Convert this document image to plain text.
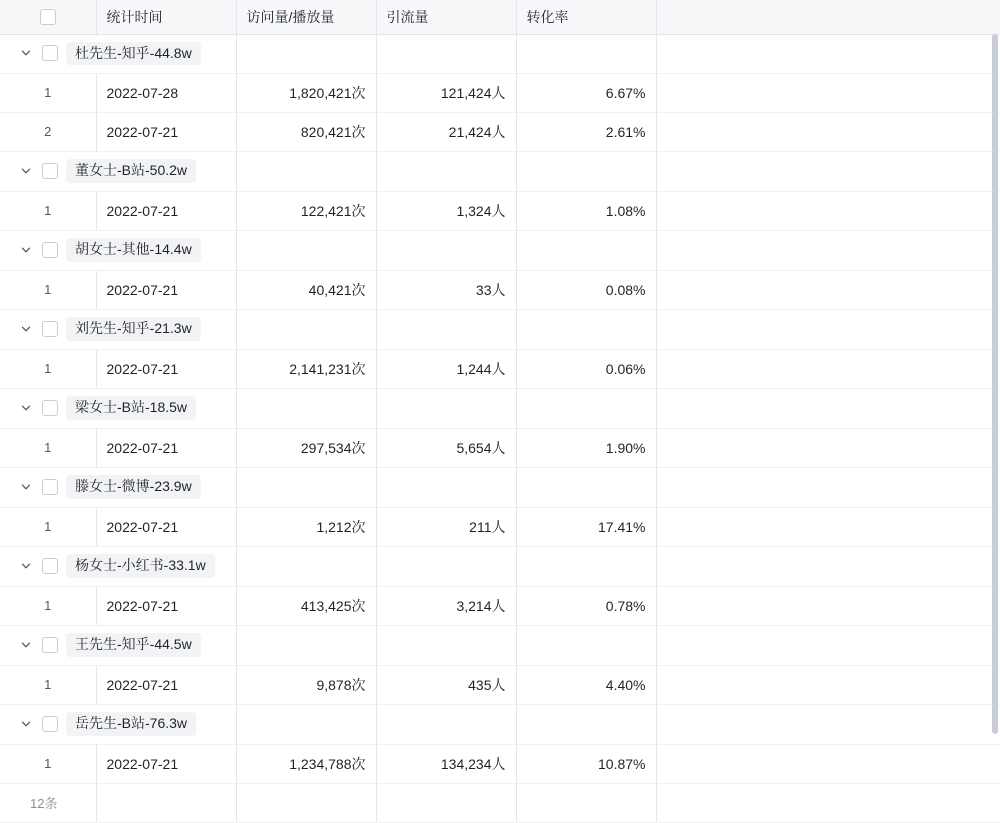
	统计时间	访问量/播放量	引流量	转化率	

杜先生-知乎-44.8w					

1	2022-07-28	1,820,421次	121,424人	6.67%	
2	2022-07-21	820,421次	21,424人	2.61%	

董女士-B站-50.2w					

1	2022-07-21	122,421次	1,324人	1.08%	

胡女士-其他-14.4w					

1	2022-07-21	40,421次	33人	0.08%	

刘先生-知乎-21.3w					

1	2022-07-21	2,141,231次	1,244人	0.06%	

梁女士-B站-18.5w					

1	2022-07-21	297,534次	5,654人	1.90%	

滕女士-微博-23.9w					

1	2022-07-21	1,212次	211人	17.41%	

杨女士-小红书-33.1w					

1	2022-07-21	413,425次	3,214人	0.78%	

王先生-知乎-44.5w					

1	2022-07-21	9,878次	435人	4.40%	

岳先生-B站-76.3w					

1	2022-07-21	1,234,788次	134,234人	10.87%	
12条					
